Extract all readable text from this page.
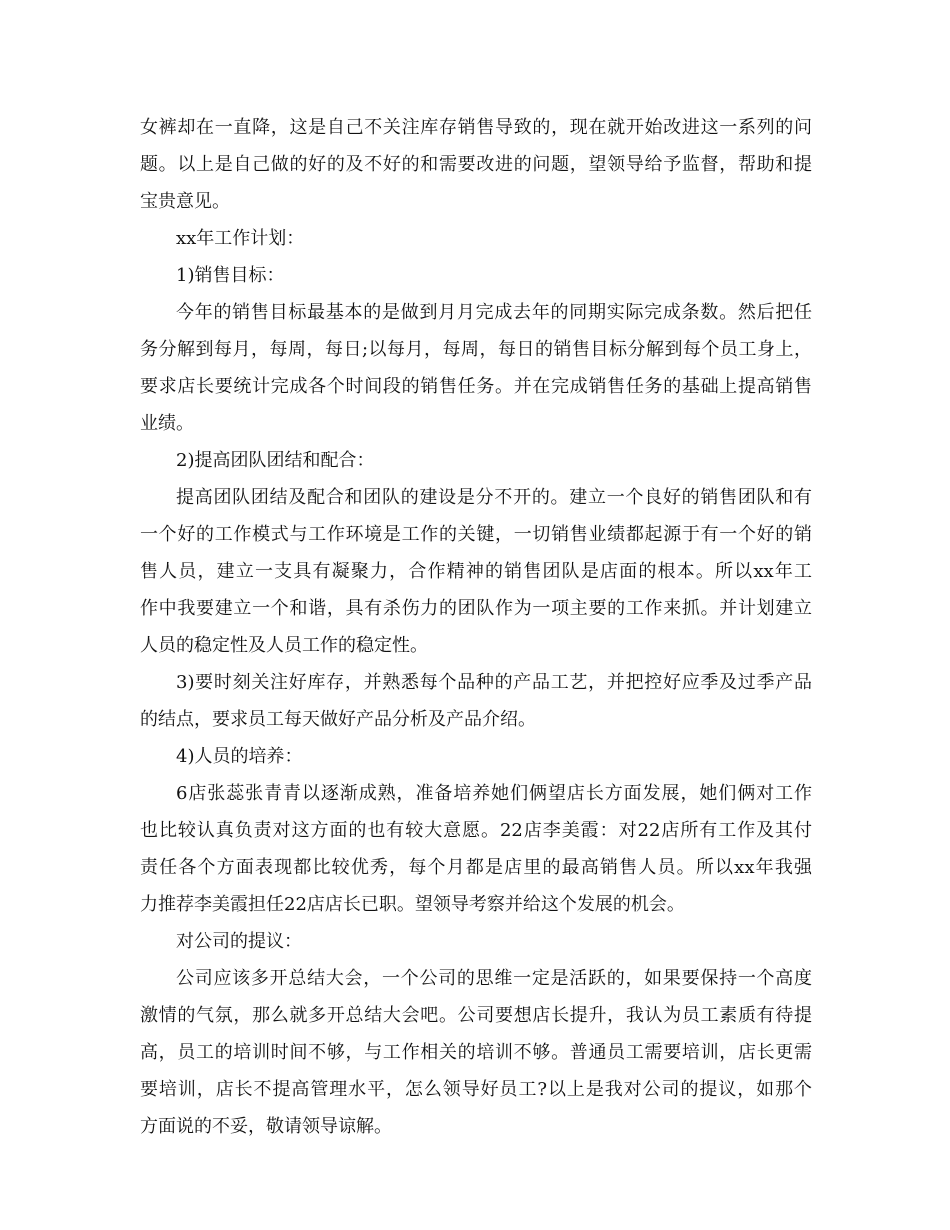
女裤却在一直降，这是自己不关注库存销售导致的，现在就开始改进这一系列的问
题。以上是自己做的好的及不好的和需要改进的问题，望领导给予监督，帮助和提
宝贵意见。
xx年工作计划：
1)销售目标：
今年的销售目标最基本的是做到月月完成去年的同期实际完成条数。然后把任
务分解到每月，每周，每日;以每月，每周，每日的销售目标分解到每个员工身上，
要求店长要统计完成各个时间段的销售任务。并在完成销售任务的基础上提高销售
业绩。
2)提高团队团结和配合：
提高团队团结及配合和团队的建设是分不开的。建立一个良好的销售团队和有
一个好的工作模式与工作环境是工作的关键，一切销售业绩都起源于有一个好的销
售人员，建立一支具有凝聚力，合作精神的销售团队是店面的根本。所以xx年工
作中我要建立一个和谐，具有杀伤力的团队作为一项主要的工作来抓。并计划建立
人员的稳定性及人员工作的稳定性。
3)要时刻关注好库存，并熟悉每个品种的产品工艺，并把控好应季及过季产品
的结点，要求员工每天做好产品分析及产品介绍。
4)人员的培养：
6店张蕊张青青以逐渐成熟，准备培养她们俩望店长方面发展，她们俩对工作
也比较认真负责对这方面的也有较大意愿。22店李美霞：对22店所有工作及其付
责任各个方面表现都比较优秀，每个月都是店里的最高销售人员。所以xx年我强
力推荐李美霞担任22店店长已职。望领导考察并给这个发展的机会。
对公司的提议：
公司应该多开总结大会，一个公司的思维一定是活跃的，如果要保持一个高度
激情的气氛，那么就多开总结大会吧。公司要想店长提升，我认为员工素质有待提
高，员工的培训时间不够，与工作相关的培训不够。普通员工需要培训，店长更需
要培训，店长不提高管理水平，怎么领导好员工?以上是我对公司的提议，如那个
方面说的不妥，敬请领导谅解。
